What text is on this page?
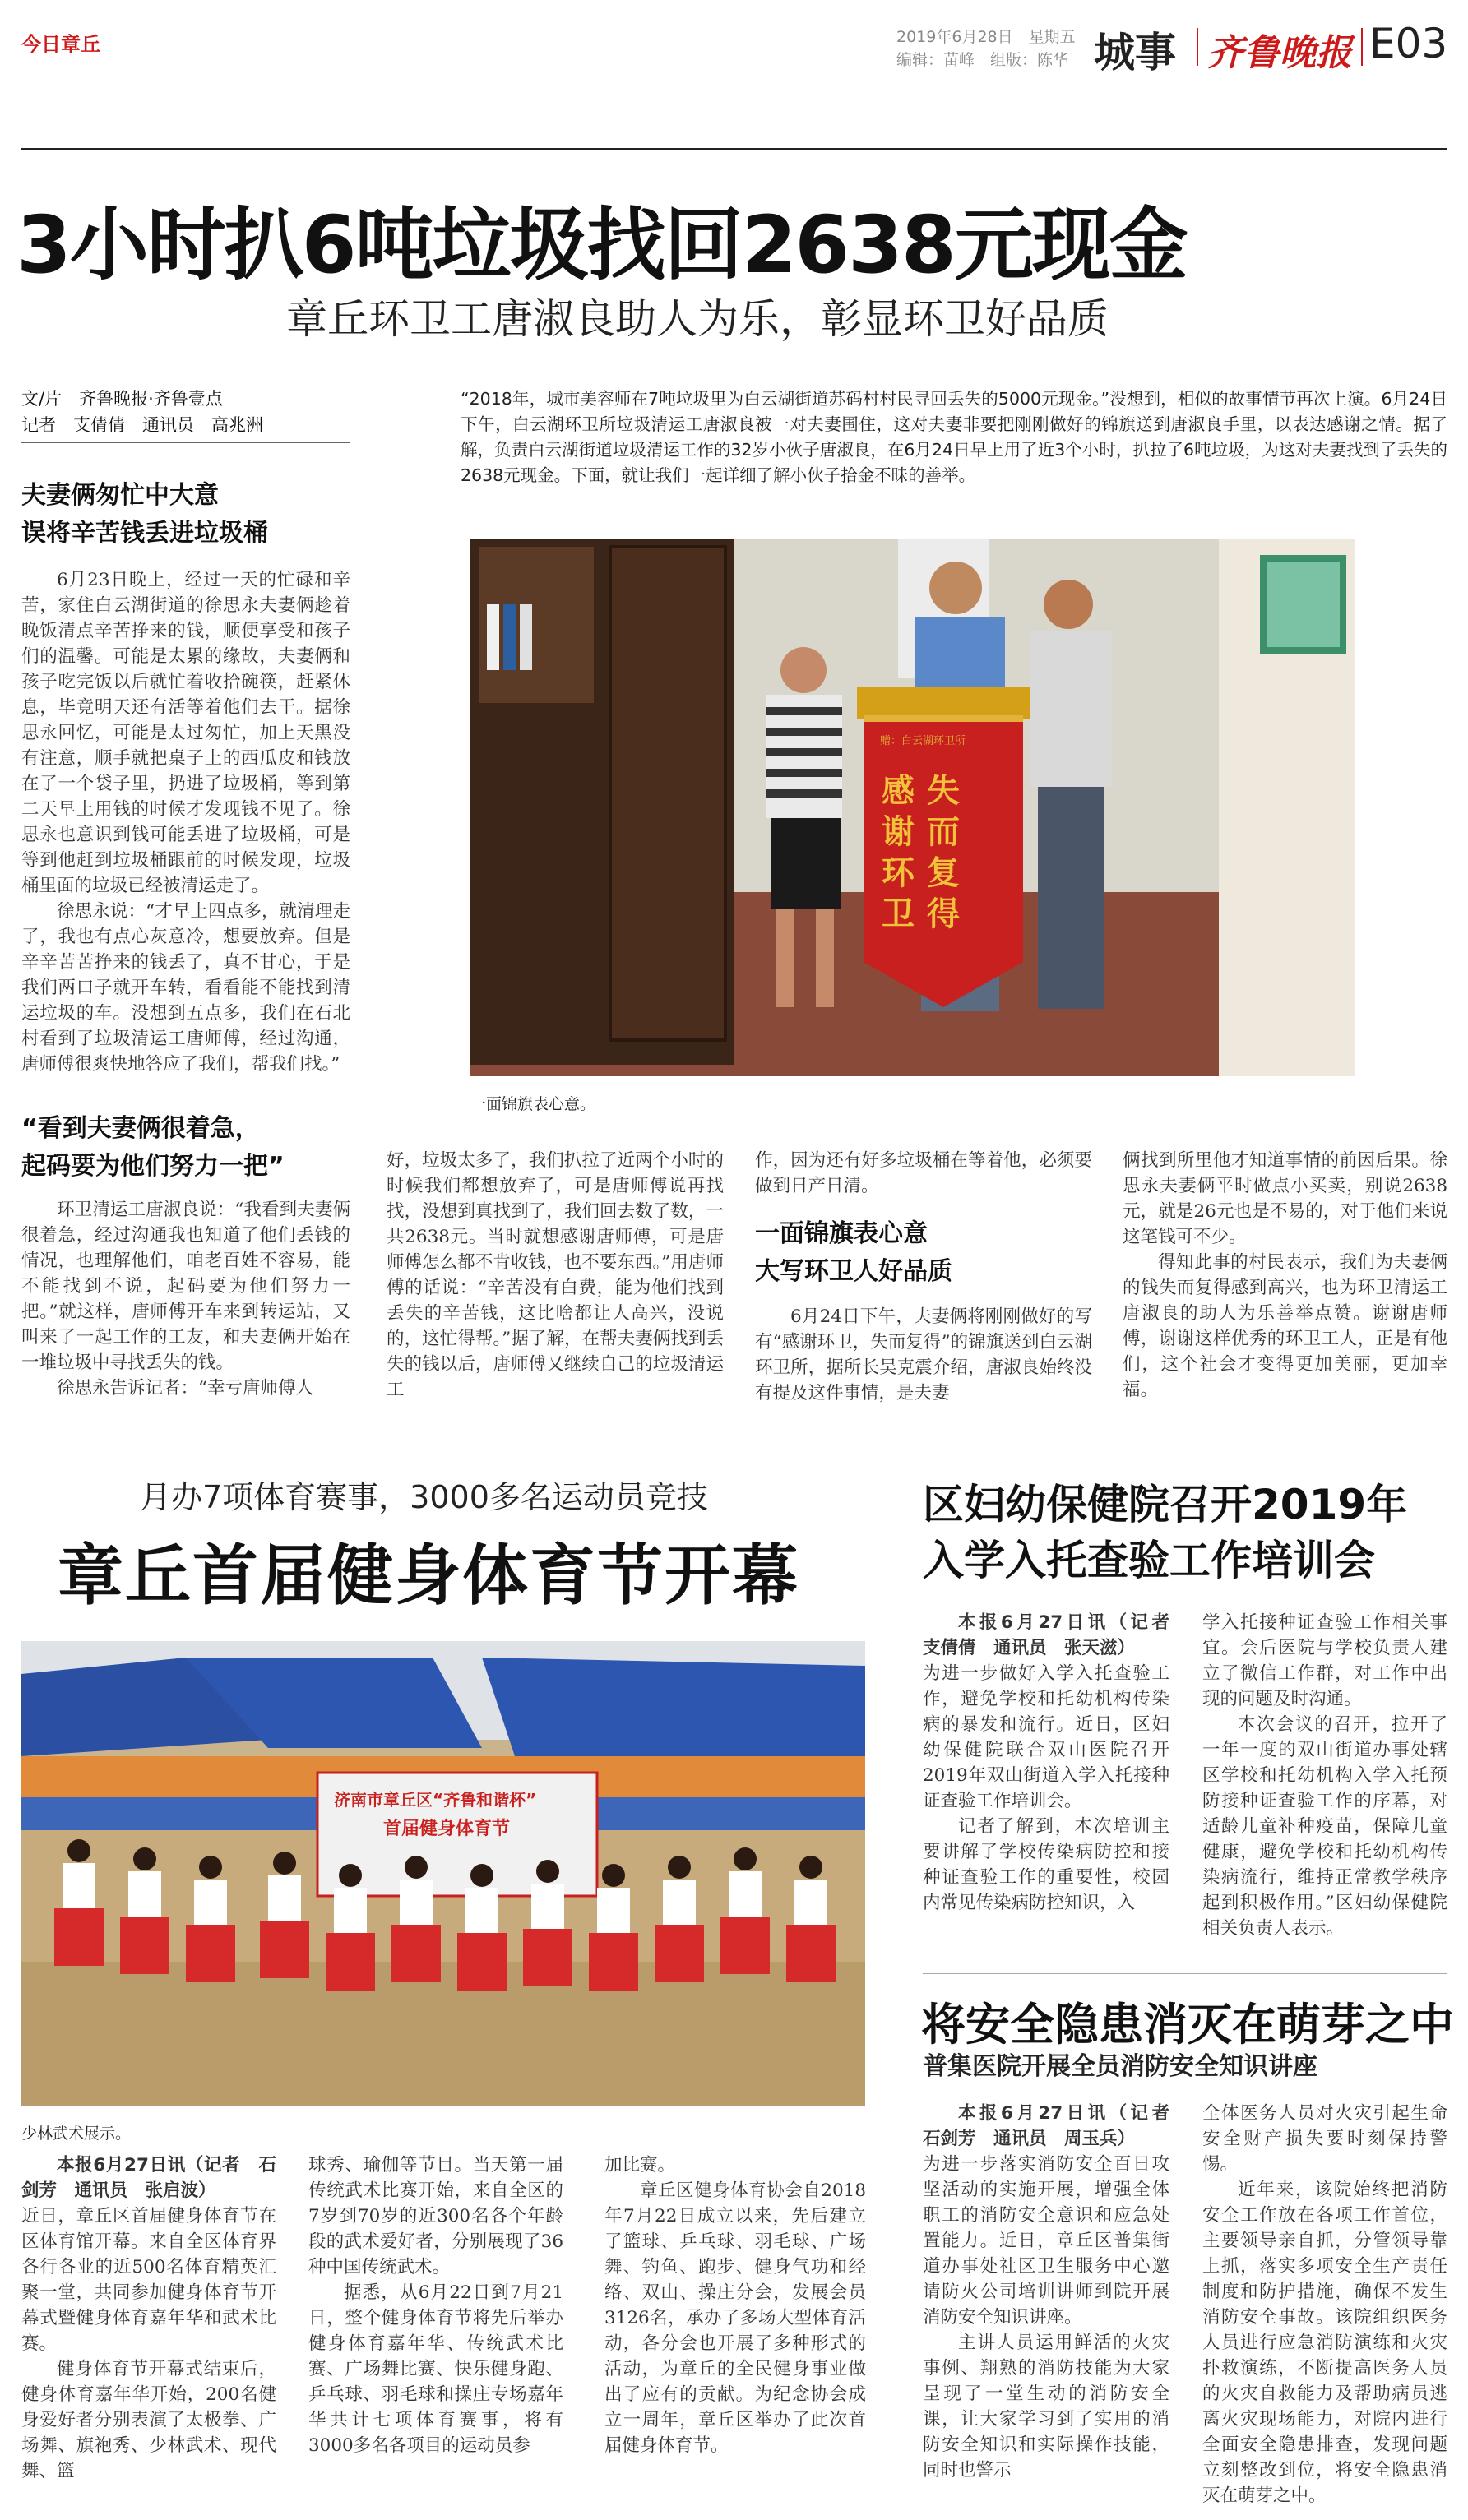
今日章丘	2019年6月28日　星期五
编辑：苗峰　组版：陈华 城事 齐鲁晚报 E03
3小时扒6吨垃圾找回2638元现金
章丘环卫工唐淑良助人为乐，彰显环卫好品质
文/片　齐鲁晚报·齐鲁壹点
记者　支倩倩　通讯员　高兆洲
“2018年，城市美容师在7吨垃圾里为白云湖街道苏码村村民寻回丢失的5000元现金。”没想到，相似的故事情节再次上演。6月24日下午，白云湖环卫所垃圾清运工唐淑良被一对夫妻围住，这对夫妻非要把刚刚做好的锦旗送到唐淑良手里，以表达感谢之情。据了解，负责白云湖街道垃圾清运工作的32岁小伙子唐淑良，在6月24日早上用了近3个小时，扒拉了6吨垃圾，为这对夫妻找到了丢失的2638元现金。下面，就让我们一起详细了解小伙子拾金不昧的善举。
赠：白云湖环卫所
失
而
复
得
感
谢
环
卫
一面锦旗表心意。
夫妻俩匆忙中大意
误将辛苦钱丢进垃圾桶

6月23日晚上，经过一天的忙碌和辛苦，家住白云湖街道的徐思永夫妻俩趁着晚饭清点辛苦挣来的钱，顺便享受和孩子们的温馨。可能是太累的缘故，夫妻俩和孩子吃完饭以后就忙着收拾碗筷，赶紧休息，毕竟明天还有活等着他们去干。据徐思永回忆，可能是太过匆忙，加上天黑没有注意，顺手就把桌子上的西瓜皮和钱放在了一个袋子里，扔进了垃圾桶，等到第二天早上用钱的时候才发现钱不见了。徐思永也意识到钱可能丢进了垃圾桶，可是等到他赶到垃圾桶跟前的时候发现，垃圾桶里面的垃圾已经被清运走了。

徐思永说：“才早上四点多，就清理走了，我也有点心灰意冷，想要放弃。但是辛辛苦苦挣来的钱丢了，真不甘心，于是我们两口子就开车转，看看能不能找到清运垃圾的车。没想到五点多，我们在石北村看到了垃圾清运工唐师傅，经过沟通，唐师傅很爽快地答应了我们，帮我们找。”

“看到夫妻俩很着急，
起码要为他们努力一把”

环卫清运工唐淑良说：“我看到夫妻俩很着急，经过沟通我也知道了他们丢钱的情况，也理解他们，咱老百姓不容易，能不能找到不说，起码要为他们努力一把。”就这样，唐师傅开车来到转运站，又叫来了一起工作的工友，和夫妻俩开始在一堆垃圾中寻找丢失的钱。

徐思永告诉记者：“幸亏唐师傅人

好，垃圾太多了，我们扒拉了近两个小时的时候我们都想放弃了，可是唐师傅说再找找，没想到真找到了，我们回去数了数，一共2638元。当时就想感谢唐师傅，可是唐师傅怎么都不肯收钱，也不要东西。”用唐师傅的话说：“辛苦没有白费，能为他们找到丢失的辛苦钱，这比啥都让人高兴，没说的，这忙得帮。”据了解，在帮夫妻俩找到丢失的钱以后，唐师傅又继续自己的垃圾清运工

作，因为还有好多垃圾桶在等着他，必须要做到日产日清。

一面锦旗表心意
大写环卫人好品质

6月24日下午，夫妻俩将刚刚做好的写有“感谢环卫，失而复得”的锦旗送到白云湖环卫所，据所长吴克震介绍，唐淑良始终没有提及这件事情，是夫妻

俩找到所里他才知道事情的前因后果。徐思永夫妻俩平时做点小买卖，别说2638元，就是26元也是不易的，对于他们来说这笔钱可不少。

得知此事的村民表示，我们为夫妻俩的钱失而复得感到高兴，也为环卫清运工唐淑良的助人为乐善举点赞。谢谢唐师傅，谢谢这样优秀的环卫工人，正是有他们，这个社会才变得更加美丽，更加幸福。

月办7项体育赛事，3000多名运动员竞技
章丘首届健身体育节开幕
济南市章丘区“齐鲁和谐杯”
首届健身体育节
少林武术展示。

本报6月27日讯（记者　石剑芳　通讯员　张启波）

近日，章丘区首届健身体育节在区体育馆开幕。来自全区体育界各行各业的近500名体育精英汇聚一堂，共同参加健身体育节开幕式暨健身体育嘉年华和武术比赛。

健身体育节开幕式结束后，健身体育嘉年华开始，200名健身爱好者分别表演了太极拳、广场舞、旗袍秀、少林武术、现代舞、篮

球秀、瑜伽等节目。当天第一届传统武术比赛开始，来自全区的7岁到70岁的近300名各个年龄段的武术爱好者，分别展现了36种中国传统武术。

据悉，从6月22日到7月21日，整个健身体育节将先后举办健身体育嘉年华、传统武术比赛、广场舞比赛、快乐健身跑、乒乓球、羽毛球和操庄专场嘉年华共计七项体育赛事，将有3000多名各项目的运动员参

加比赛。

章丘区健身体育协会自2018年7月22日成立以来，先后建立了篮球、乒乓球、羽毛球、广场舞、钓鱼、跑步、健身气功和经络、双山、操庄分会，发展会员3126名，承办了多场大型体育活动，各分会也开展了多种形式的活动，为章丘的全民健身事业做出了应有的贡献。为纪念协会成立一周年，章丘区举办了此次首届健身体育节。

区妇幼保健院召开2019年
入学入托查验工作培训会

本报6月27日讯（记者　支倩倩　通讯员　张天滋）

为进一步做好入学入托查验工作，避免学校和托幼机构传染病的暴发和流行。近日，区妇幼保健院联合双山医院召开2019年双山街道入学入托接种证查验工作培训会。

记者了解到，本次培训主要讲解了学校传染病防控和接种证查验工作的重要性，校园内常见传染病防控知识，入

学入托接种证查验工作相关事宜。会后医院与学校负责人建立了微信工作群，对工作中出现的问题及时沟通。

本次会议的召开，拉开了一年一度的双山街道办事处辖区学校和托幼机构入学入托预防接种证查验工作的序幕，对适龄儿童补种疫苗，保障儿童健康，避免学校和托幼机构传染病流行，维持正常教学秩序起到积极作用。”区妇幼保健院相关负责人表示。

将安全隐患消灭在萌芽之中
普集医院开展全员消防安全知识讲座

本报6月27日讯（记者　石剑芳　通讯员　周玉兵）

为进一步落实消防安全百日攻坚活动的实施开展，增强全体职工的消防安全意识和应急处置能力。近日，章丘区普集街道办事处社区卫生服务中心邀请防火公司培训讲师到院开展消防安全知识讲座。

主讲人员运用鲜活的火灾事例、翔熟的消防技能为大家呈现了一堂生动的消防安全课，让大家学习到了实用的消防安全知识和实际操作技能，同时也警示

全体医务人员对火灾引起生命安全财产损失要时刻保持警惕。

近年来，该院始终把消防安全工作放在各项工作首位，主要领导亲自抓，分管领导靠上抓，落实多项安全生产责任制度和防护措施，确保不发生消防安全事故。该院组织医务人员进行应急消防演练和火灾扑救演练，不断提高医务人员的火灾自救能力及帮助病员逃离火灾现场能力，对院内进行全面安全隐患排查，发现问题立刻整改到位，将安全隐患消灭在萌芽之中。
